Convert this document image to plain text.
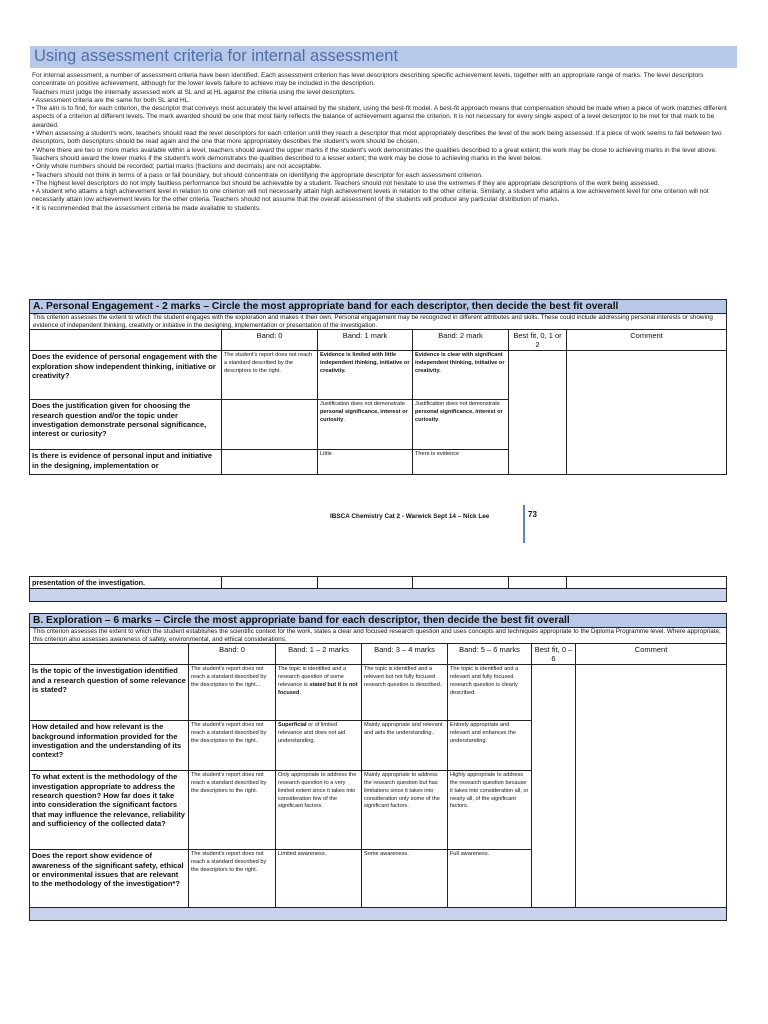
Using assessment criteria for internal assessment

For internal assessment, a number of assessment criteria have been identified. Each assessment criterion has level descriptors describing specific achievement levels, together with an appropriate range of marks. The level descriptors concentrate on positive achievement, although for the lower levels failure to achieve may be included in the description.

Teachers must judge the internally assessed work at SL and at HL against the criteria using the level descriptors.

• Assessment criteria are the same for both SL and HL.

• The aim is to find, for each criterion, the descriptor that conveys most accurately the level attained by the student, using the best-fit model. A best-fit approach means that compensation should be made when a piece of work matches different aspects of a criterion at different levels. The mark awarded should be one that most fairly reflects the balance of achievement against the criterion. It is not necessary for every single aspect of a level descriptor to be met for that mark to be awarded.

• When assessing a student's work, teachers should read the level descriptors for each criterion until they reach a descriptor that most appropriately describes the level of the work being assessed. If a piece of work seems to fall between two descriptors, both descriptors should be read again and the one that more appropriately describes the student's work should be chosen.

• Where there are two or more marks available within a level, teachers should award the upper marks if the student's work demonstrates the qualities described to a great extent; the work may be close to achieving marks in the level above. Teachers should award the lower marks if the student's work demonstrates the qualities described to a lesser extent; the work may be close to achieving marks in the level below.

• Only whole numbers should be recorded; partial marks (fractions and decimals) are not acceptable.

• Teachers should not think in terms of a pass or fail boundary, but should concentrate on identifying the appropriate descriptor for each assessment criterion.

• The highest level descriptors do not imply faultless performance but should be achievable by a student. Teachers should not hesitate to use the extremes if they are appropriate descriptions of the work being assessed.

• A student who attains a high achievement level in relation to one criterion will not necessarily attain high achievement levels in relation to the other criteria. Similarly, a student who attains a low achievement level for one criterion will not necessarily attain low achievement levels for the other criteria. Teachers should not assume that the overall assessment of the students will produce any particular distribution of marks.

• It is recommended that the assessment criteria be made available to students.

A. Personal Engagement - 2 marks – Circle the most appropriate band for each descriptor, then decide the best fit overall					
This criterion assesses the extent to which the student engages with the exploration and makes it their own. Personal engagement may be recognized in different attributes and skills. These could include addressing personal interests or showing evidence of independent thinking, creativity or initiative in the designing, implementation or presentation of the investigation.					
	Band: 0	Band: 1 mark	Band: 2 mark	Best fit, 0, 1 or 2	Comment
Does the evidence of personal engagement with the exploration show independent thinking, initiative or creativity?	The student's report does not reach a standard described by the descriptors to the right.	Evidence is limited with little independent thinking, initiative or creativity.	Evidence is clear with significant independent thinking, initiative or creativity.		
Does the justification given for choosing the research question and/or the topic under investigation demonstrate personal significance, interest or curiosity?		Justification does not demonstrate personal significance, interest or curiosity.	Justification does not demonstrate personal significance, interest or curiosity.		
Is there is evidence of personal input and initiative in the designing, implementation or		Little	There is evidence		
IBSCA Chemistry Cat 2 - Warwick Sept 14 – Nick Lee	73
presentation of the investigation.					

B. Exploration – 6 marks – Circle the most appropriate band for each descriptor, then decide the best fit overall						
This criterion assesses the extent to which the student establishes the scientific context for the work, states a clear and focused research question and uses concepts and techniques appropriate to the Diploma Programme level. Where appropriate, this criterion also assesses awareness of safety, environmental, and ethical considerations.						
	Band: 0	Band: 1 – 2 marks	Band: 3 – 4 marks	Band: 5 – 6 marks	Best fit, 0 – 6	Comment
Is the topic of the investigation identified and a research question of some relevance is stated?	The student's report does not reach a standard described by the descriptors to the right...	The topic is identified and a research question of some relevance is stated but it is not focused.	The topic is identified and a relevant but not fully focused research question is described.	The topic is identified and a relevant and fully focused research question is clearly described.		
How detailed and how relevant is the background information provided for the investigation and the understanding of its context?	The student's report does not reach a standard described by the descriptors to the right.	Superficial or of limited relevance and does not aid understanding.	Mainly appropriate and relevant and aids the understanding.	Entirely appropriate and relevant and enhances the understanding.		
To what extent is the methodology of the investigation appropriate to address the research question? How far does it take into consideration the significant factors that may influence the relevance, reliability and sufficiency of the collected data?	The student's report does not reach a standard described by the descriptors to the right.	Only appropriate to address the research question to a very limited extent since it takes into consideration few of the significant factors.	Mainly appropriate to address the research question but has limitations since it takes into consideration only some of the significant factors.	Highly appropriate to address the research question because it takes into consideration all, or nearly all, of the significant factors.		
Does the report show evidence of awareness of the significant safety, ethical or environmental issues that are relevant to the methodology of the investigation*?	The student's report does not reach a standard described by the descriptors to the right.	Limited awareness.	Some awareness.	Full awareness.		
